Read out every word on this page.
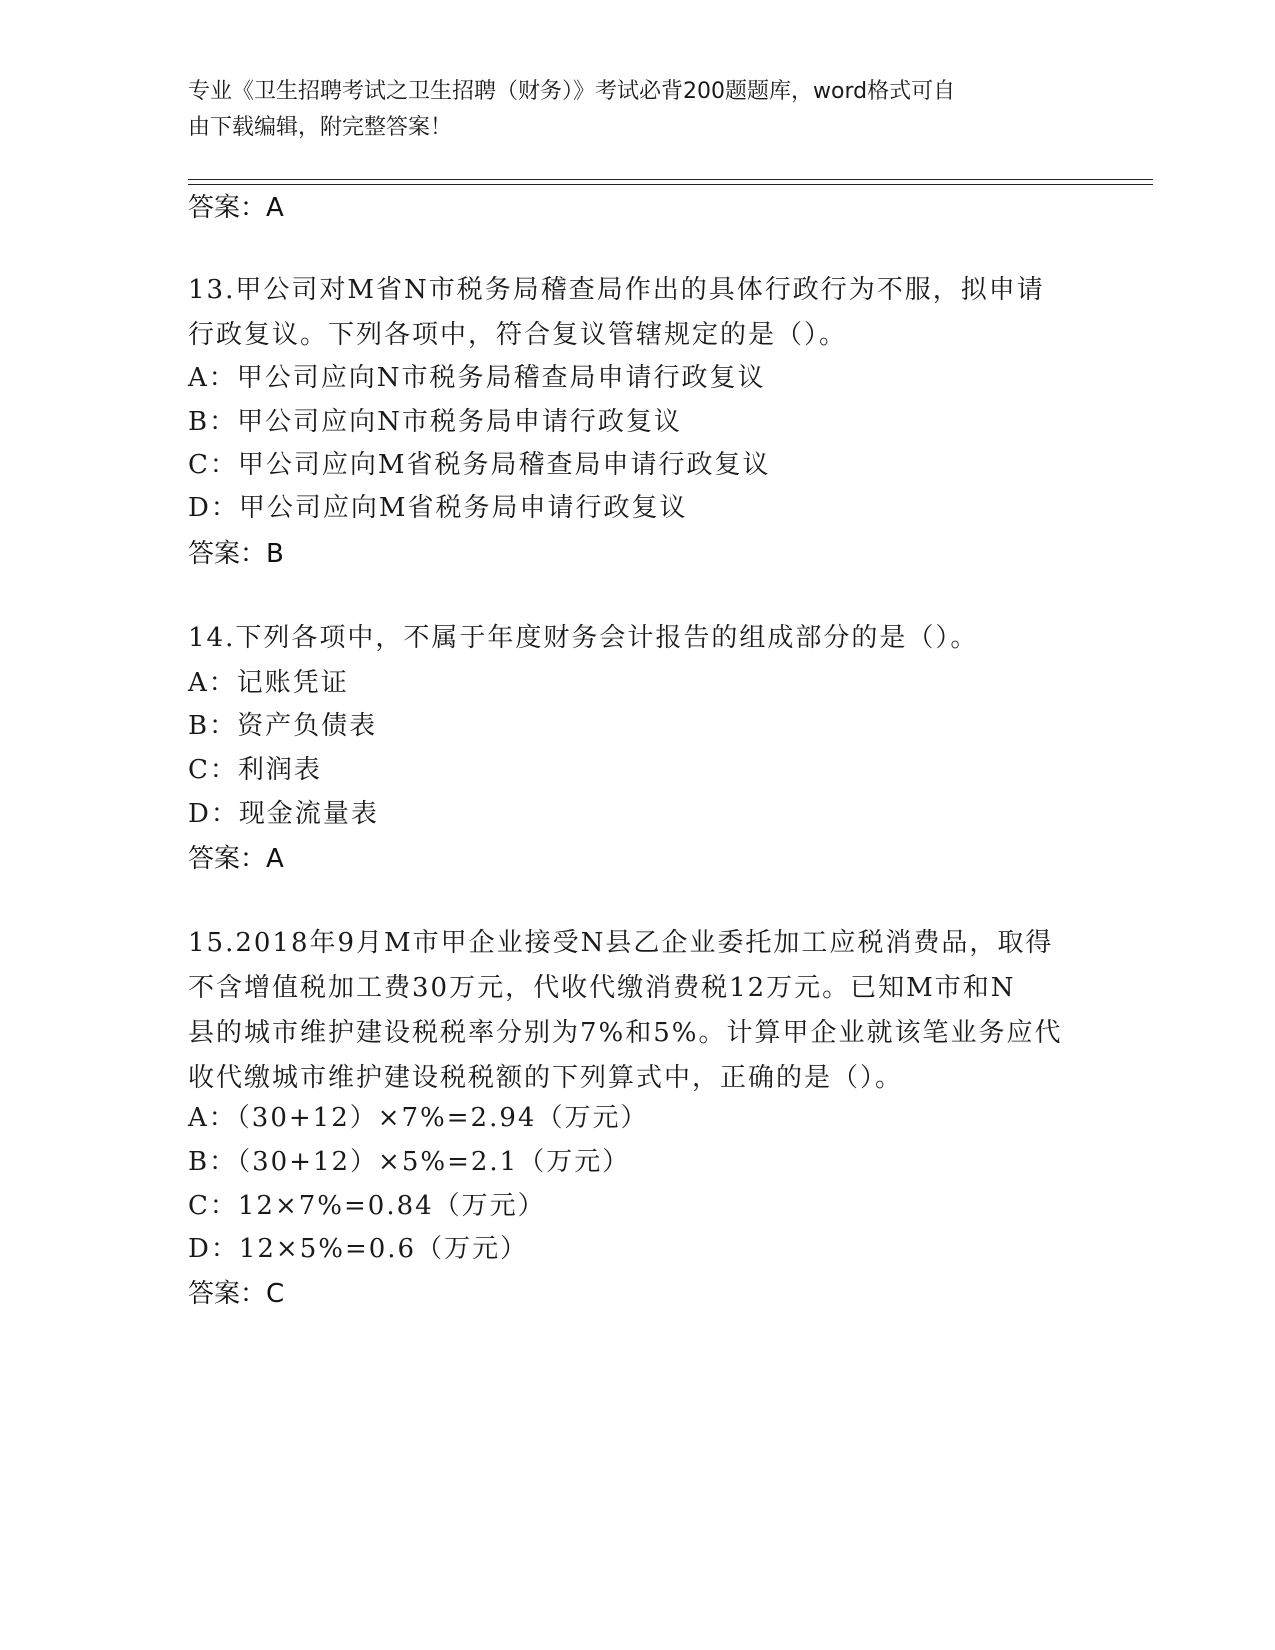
专业《卫生招聘考试之卫生招聘（财务）》考试必背200题题库，word格式可自
由下载编辑，附完整答案！
答案：A
13.甲公司对M省N市税务局稽查局作出的具体行政行为不服，拟申请
行政复议。下列各项中，符合复议管辖规定的是（）。
A：甲公司应向N市税务局稽查局申请行政复议
B：甲公司应向N市税务局申请行政复议
C：甲公司应向M省税务局稽查局申请行政复议
D：甲公司应向M省税务局申请行政复议
答案：B
14.下列各项中，不属于年度财务会计报告的组成部分的是（）。
A：记账凭证
B：资产负债表
C：利润表
D：现金流量表
答案：A
15.2018年9月M市甲企业接受N县乙企业委托加工应税消费品，取得
不含增值税加工费30万元，代收代缴消费税12万元。已知M市和N
县的城市维护建设税税率分别为7%和5%。计算甲企业就该笔业务应代
收代缴城市维护建设税税额的下列算式中，正确的是（）。
A：（30+12）×7%=2.94（万元）
B：（30+12）×5%=2.1（万元）
C：12×7%=0.84（万元）
D：12×5%=0.6（万元）
答案：C
